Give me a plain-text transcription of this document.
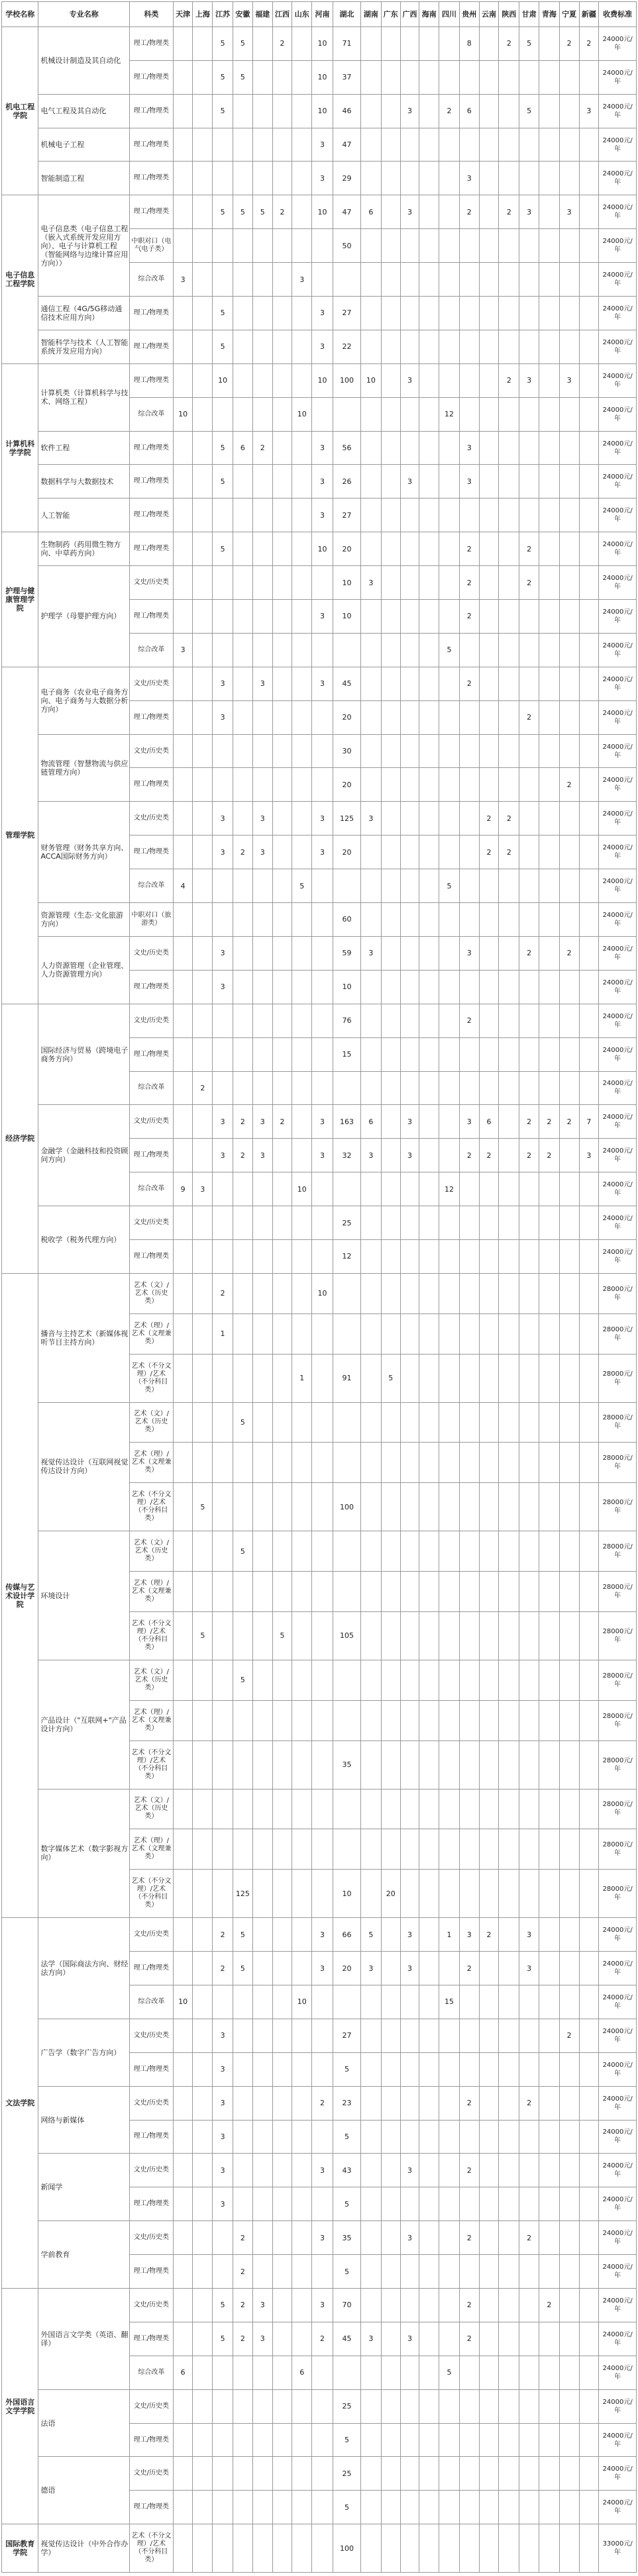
学校名称	专业名称	科类	天津	上海	江苏	安徽	福建	江西	山东	河南	湖北	湖南	广东	广西	海南	四川	贵州	云南	陕西	甘肃	青海	宁夏	新疆	收费标准
机电工程学院	机械设计制造及其自动化	理工/物理类			5	5		2		10	71						8		2	5		2	2	24000元/年
		理工/物理类			5	5				10	37													24000元/年
	电气工程及其自动化	理工/物理类			5					10	46			3		2	6			5			3	24000元/年
	机械电子工程	理工/物理类								3	47													24000元/年
	智能制造工程	理工/物理类								3	29						3							24000元/年
电子信息工程学院	电子信息类（电子信息工程（嵌入式系统开发应用方向）、电子与计算机工程（智能网络与边缘计算应用方向））	理工/物理类			5	5	5	2		10	47	6		3			2		2	3		3		24000元/年
		中职对口（电气电子类）									50													24000元/年
		综合改革	3						3															24000元/年
	通信工程（4G/5G移动通信技术应用方向）	理工/物理类			5					3	27													24000元/年
	智能科学与技术（人工智能系统开发应用方向）	理工/物理类			5					3	22													24000元/年
计算机科学学院	计算机类（计算机科学与技术、网络工程）	理工/物理类			10					10	100	10		3					2	3		3		24000元/年
		综合改革	10						10							12								24000元/年
	软件工程	理工/物理类			5	6	2			3	56						3							24000元/年
	数据科学与大数据技术	理工/物理类			5					3	26			3			3							24000元/年
	人工智能	理工/物理类								3	27													24000元/年
护理与健康管理学院	生物制药（药用微生物方向、中草药方向）	理工/物理类			5					10	20						2			2				24000元/年
	护理学（母婴护理方向）	文史/历史类									10	3					2			2				24000元/年
		理工/物理类								3	10						2							24000元/年
		综合改革	3													5								24000元/年
管理学院	电子商务（农业电子商务方向、电子商务与大数据分析方向）	文史/历史类			3		3			3	45						2							24000元/年
		理工/物理类			3						20									2				24000元/年
	物流管理（智慧物流与供应链管理方向）	文史/历史类									30													24000元/年
		理工/物理类									20											2		24000元/年
	财务管理（财务共享方向、ACCA国际财务方向）	文史/历史类			3		3			3	125	3						2	2					24000元/年
		理工/物理类			3	2	3			3	20							2	2					24000元/年
		综合改革	4						5							5								24000元/年
	资源管理（生态·文化旅游方向）	中职对口（旅游类）									60													24000元/年
	人力资源管理（企业管理、人力资源管理方向）	文史/历史类			3						59	3					3			2		2		24000元/年
		理工/物理类			3						10													24000元/年
经济学院	国际经济与贸易（跨境电子商务方向）	文史/历史类									76						2							24000元/年
		理工/物理类									15													24000元/年
		综合改革		2																				24000元/年
	金融学（金融科技和投资顾问方向）	文史/历史类			3	2	3	2		3	163	6		3			3	6		2	2	2	7	24000元/年
		理工/物理类			3	2	3			3	32	3		3			2	2		2	2		3	24000元/年
		综合改革	9	3					10							12								24000元/年
	税收学（税务代理方向）	文史/历史类									25													24000元/年
		理工/物理类									12													24000元/年
传媒与艺术设计学院	播音与主持艺术（新媒体视听节目主持方向）	艺术（文）/艺术（历史类）			2					10														28000元/年
		艺术（理）/艺术（文理兼类）			1																			28000元/年
		艺术（不分文理）/艺术（不分科目类）							1		91		5											28000元/年
	视觉传达设计（互联网视觉传达设计方向）	艺术（文）/艺术（历史类）				5																		28000元/年
		艺术（理）/艺术（文理兼类）																						28000元/年
		艺术（不分文理）/艺术（不分科目类）		5							100													28000元/年
	环境设计	艺术（文）/艺术（历史类）				5																		28000元/年
		艺术（理）/艺术（文理兼类）																						28000元/年
		艺术（不分文理）/艺术（不分科目类）		5				5			105													28000元/年
	产品设计（"互联网+"产品设计方向）	艺术（文）/艺术（历史类）				5																		28000元/年
		艺术（理）/艺术（文理兼类）																						28000元/年
		艺术（不分文理）/艺术（不分科目类）									35													28000元/年
	数字媒体艺术（数字影视方向）	艺术（文）/艺术（历史类）																						28000元/年
		艺术（理）/艺术（文理兼类）																						28000元/年
		艺术（不分文理）/艺术（不分科目类）				125					10		20											28000元/年
文法学院	法学（国际商法方向、财经法方向）	文史/历史类			2	5				3	66	5		3		1	3	2		3				24000元/年
		理工/物理类			2	5				3	20	3		3			2			3				24000元/年
		综合改革	10						10							15								24000元/年
	广告学（数字广告方向）	文史/历史类			3						27											2		24000元/年
		理工/物理类			3						5													24000元/年
	网络与新媒体	文史/历史类			3					2	23						2			2				24000元/年
		理工/物理类			3						5													24000元/年
	新闻学	文史/历史类			3					3	43			3			2							24000元/年
		理工/物理类			3						5													24000元/年
	学前教育	文史/历史类				2				3	35			3			2			2				24000元/年
		理工/物理类				2					5													24000元/年
外国语言文学学院	外国语言文学类（英语、翻译）	文史/历史类			5	2	3			3	70						2				2			24000元/年
		理工/物理类			5	2	3			2	45	3		3			2							24000元/年
		综合改革	6						6							5								24000元/年
	法语	文史/历史类									25													24000元/年
		理工/物理类									5													24000元/年
	德语	文史/历史类									25													24000元/年
		理工/物理类									5													24000元/年
国际教育学院	视觉传达设计（中外合作办学）	艺术（不分文理）/艺术（不分科目类）									100													33000元/年
